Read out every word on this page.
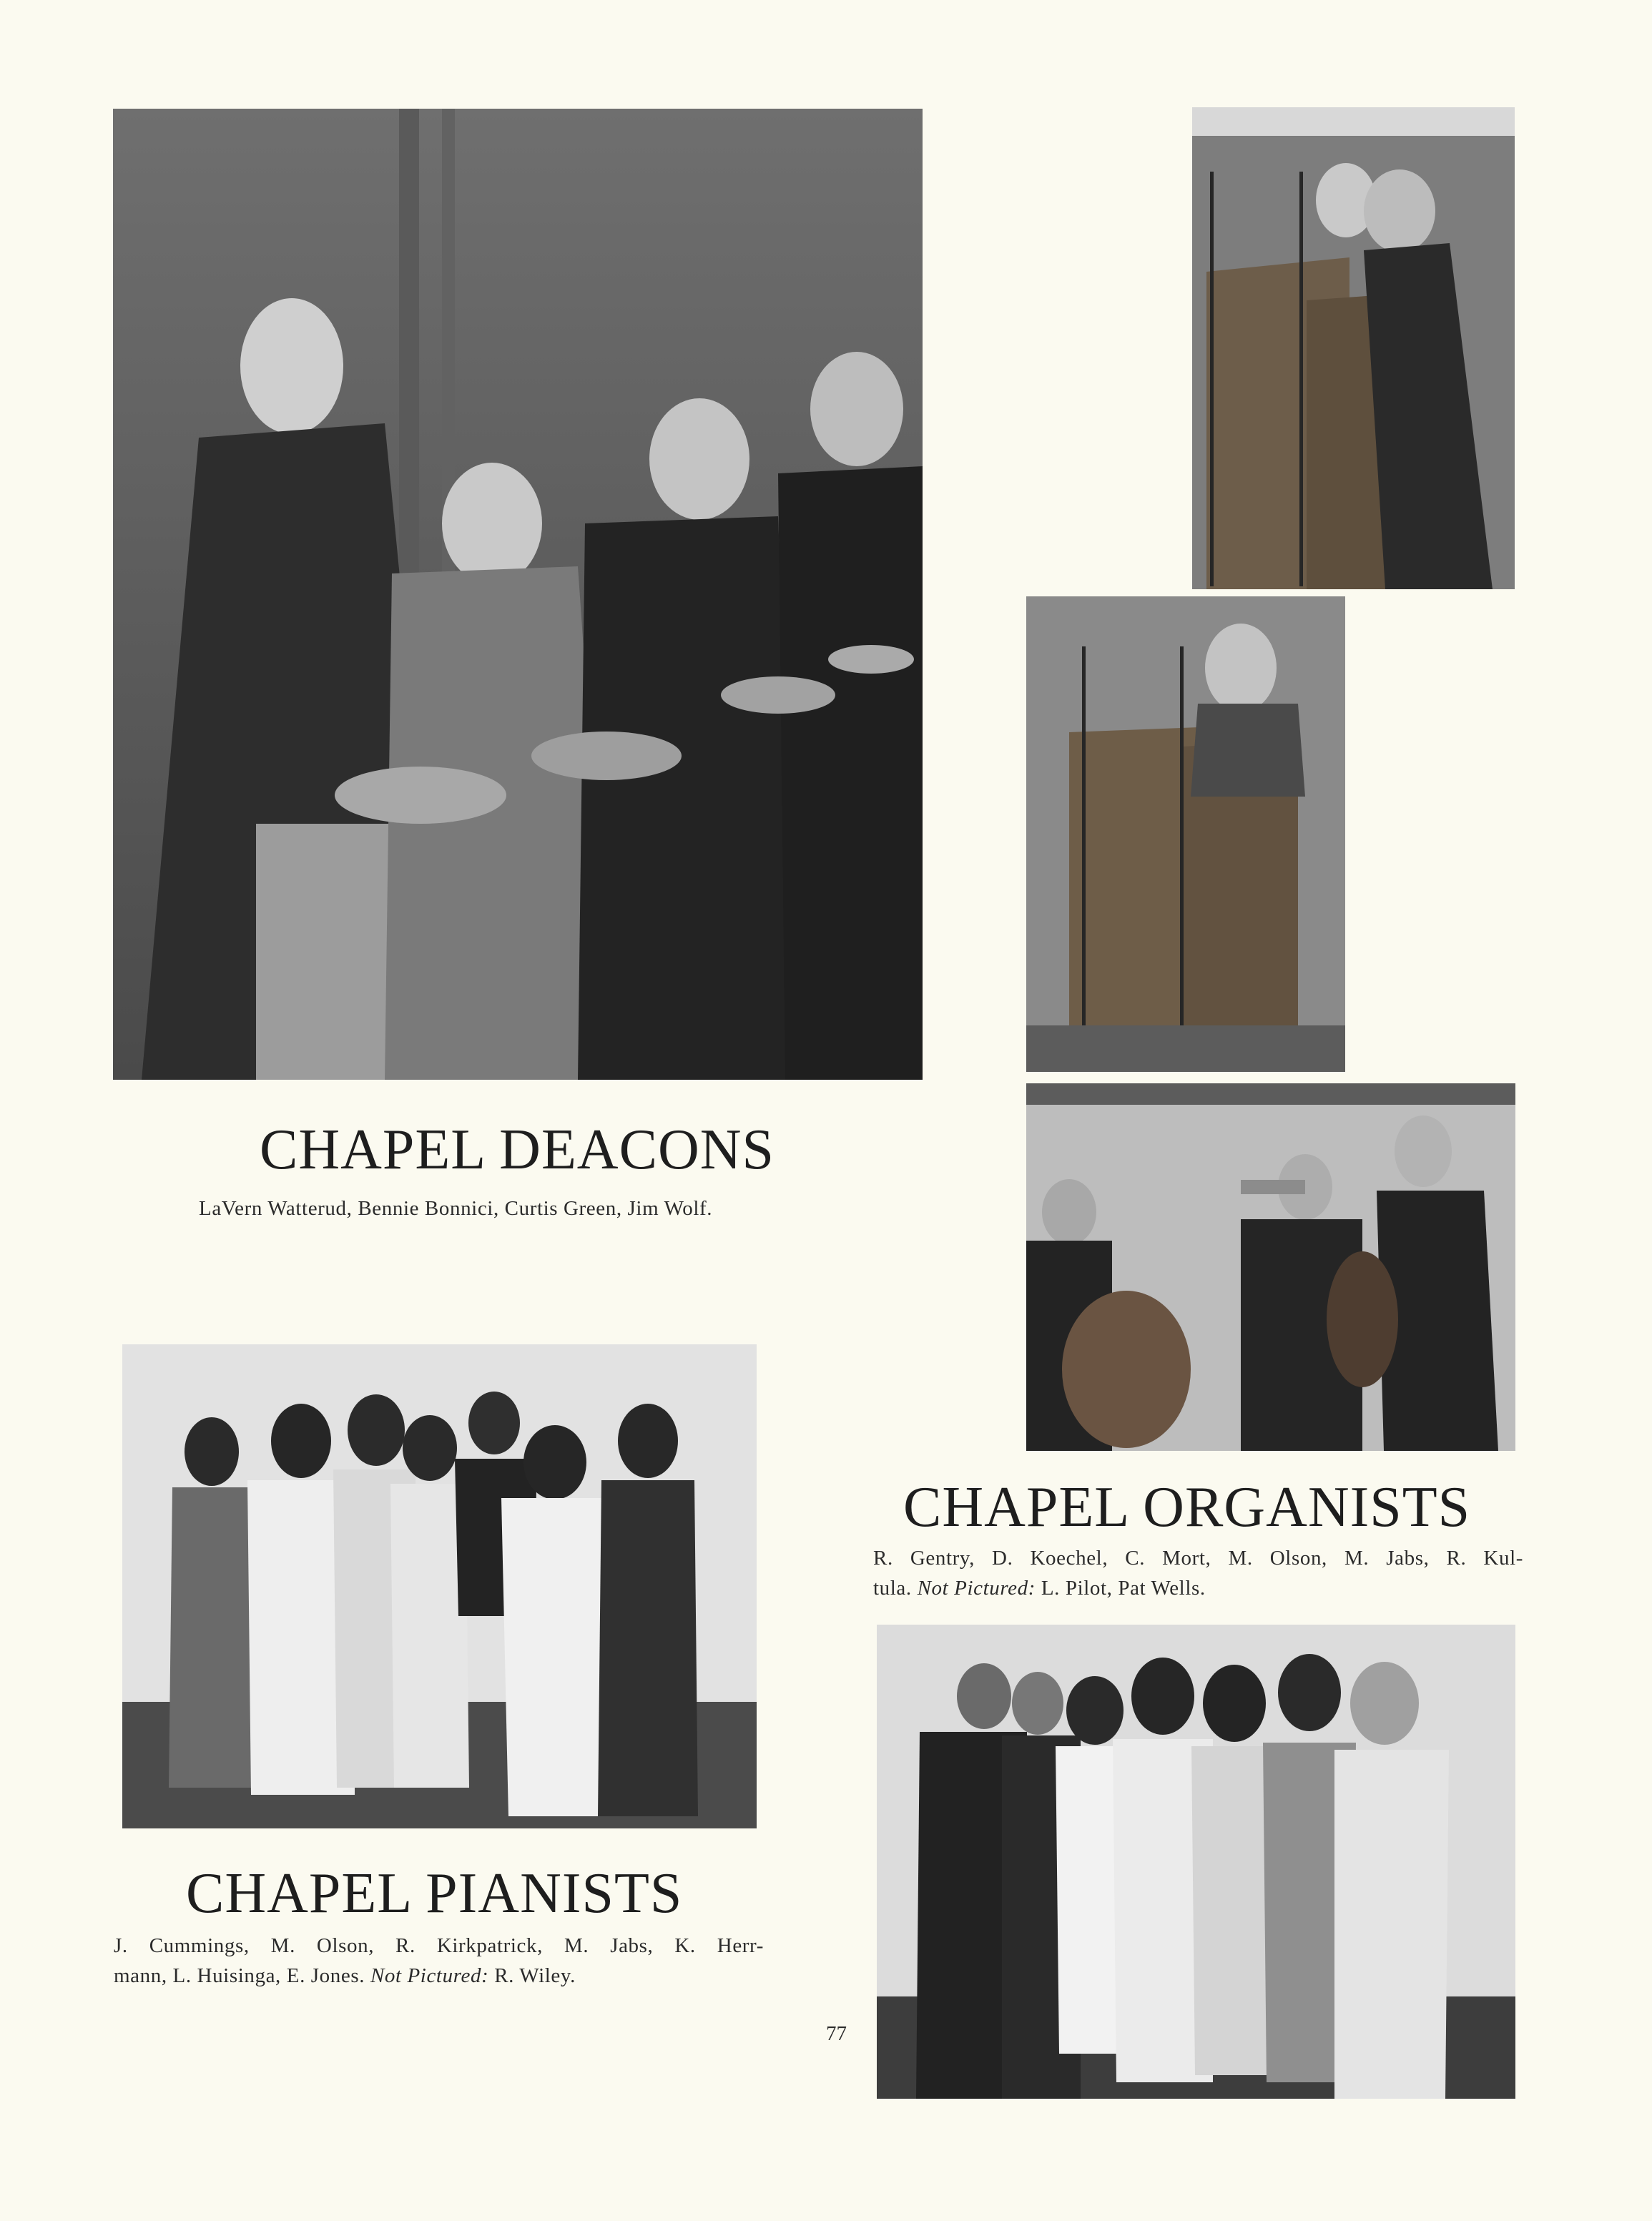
CHAPEL DEACONS

LaVern Watterud, Bennie Bonnici, Curtis Green, Jim Wolf.

CHAPEL ORGANISTS
R. Gentry, D. Koechel, C. Mort, M. Olson, M. Jabs, R. Kul-
tula. Not Pictured: L. Pilot, Pat Wells.
CHAPEL PIANISTS
J. Cummings, M. Olson, R. Kirkpatrick, M. Jabs, K. Herr-
mann, L. Huisinga, E. Jones. Not Pictured: R. Wiley.
77
